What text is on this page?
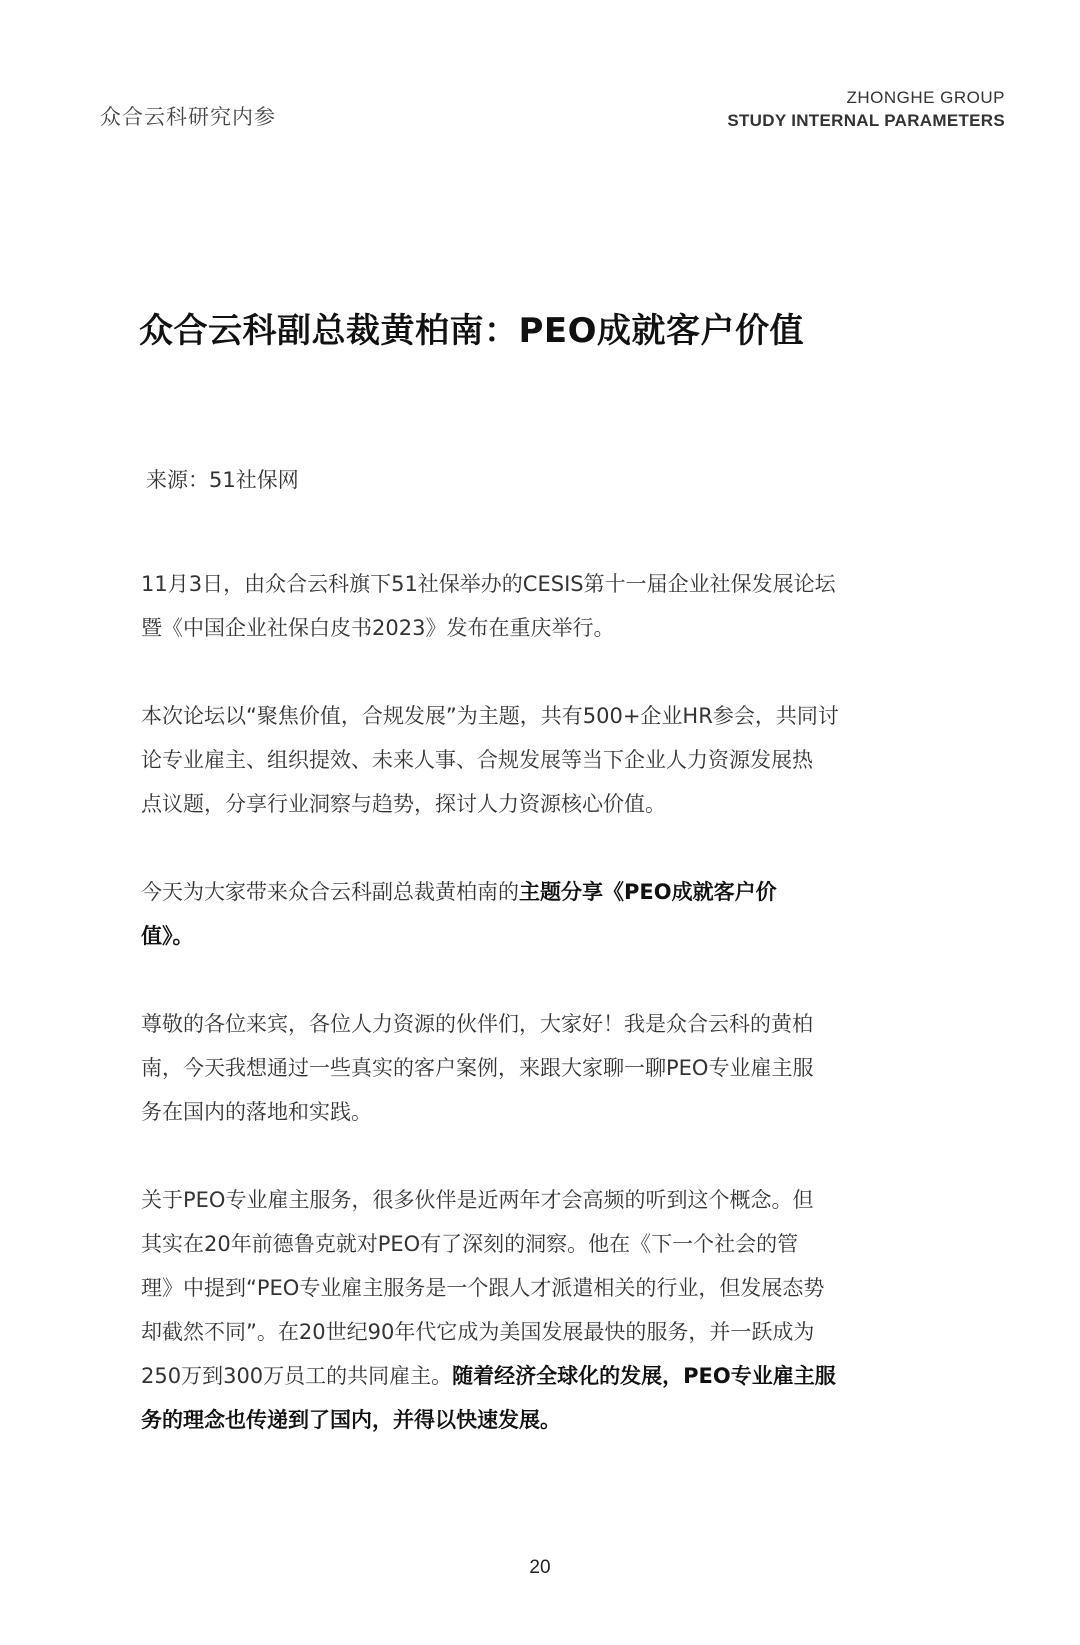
众合云科研究内参
ZHONGHE GROUP
STUDY INTERNAL PARAMETERS
众合云科副总裁黄柏南：PEO成就客户价值
来源：51社保网

11月3日，由众合云科旗下51社保举办的CESIS第十一届企业社保发展论坛
暨《中国企业社保白皮书2023》发布在重庆举行。

本次论坛以“聚焦价值，合规发展”为主题，共有500+企业HR参会，共同讨
论专业雇主、组织提效、未来人事、合规发展等当下企业人力资源发展热
点议题，分享行业洞察与趋势，探讨人力资源核心价值。

今天为大家带来众合云科副总裁黄柏南的主题分享《PEO成就客户价
值》。

尊敬的各位来宾，各位人力资源的伙伴们，大家好！我是众合云科的黄柏
南，今天我想通过一些真实的客户案例，来跟大家聊一聊PEO专业雇主服
务在国内的落地和实践。

关于PEO专业雇主服务，很多伙伴是近两年才会高频的听到这个概念。但
其实在20年前德鲁克就对PEO有了深刻的洞察。他在《下一个社会的管
理》中提到“PEO专业雇主服务是一个跟人才派遣相关的行业，但发展态势
却截然不同”。在20世纪90年代它成为美国发展最快的服务，并一跃成为
250万到300万员工的共同雇主。随着经济全球化的发展，PEO专业雇主服
务的理念也传递到了国内，并得以快速发展。

20
